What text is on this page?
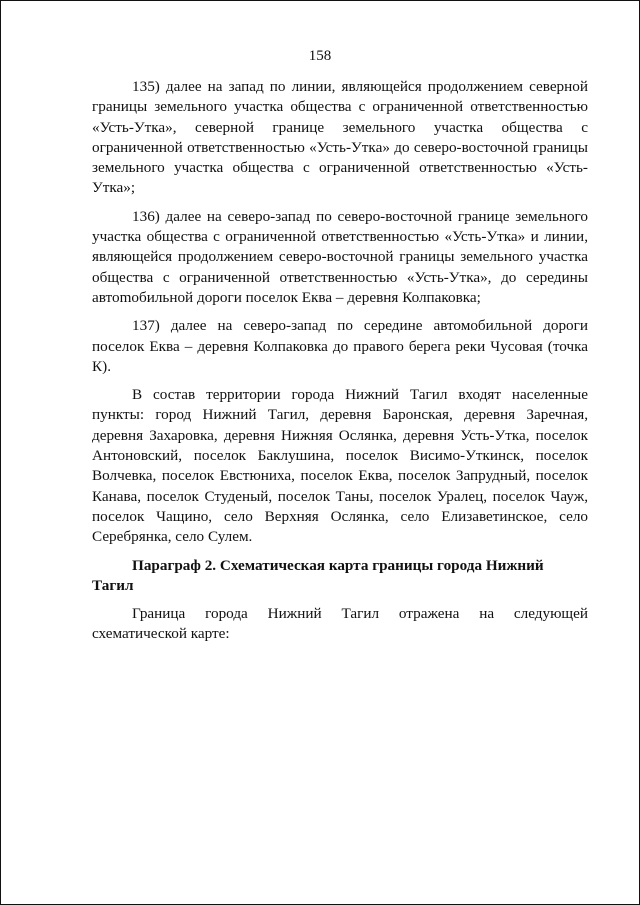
158

135) далее на запад по линии, являющейся продолжением северной границы земельного участка общества с ограниченной ответственностью «Усть-Утка», северной границе земельного участка общества с ограниченной ответственностью «Усть-Утка» до северо-восточной границы земельного участка общества с ограниченной ответственностью «Усть-Утка»;

136) далее на северо-запад по северо-восточной границе земельного участка общества с ограниченной ответственностью «Усть-Утка» и линии, являющейся продолжением северо-восточной границы земельного участка общества с ограниченной ответственностью «Усть-Утка», до середины автоmобильной дороги поселок Еква – деревня Колпаковка;

137) далее на северо-запад по середине автомобильной дороги поселок Еква – деревня Колпаковка до правого берега реки Чусовая (точка К).

В состав территории города Нижний Тагил входят населенные пункты: город Нижний Тагил, деревня Баронская, деревня Заречная, деревня Захаровка, деревня Нижняя Ослянка, деревня Усть-Утка, поселок Антоновский, поселок Баклушина, поселок Висимо-Уткинск, поселок Волчевка, поселок Евстюниха, поселок Еква, поселок Запрудный, поселок Канава, поселок Студеный, поселок Таны, поселок Уралец, поселок Чауж, поселок Чащино, село Верхняя Ослянка, село Елизаветинское, село Серебрянка, село Сулем.

Параграф 2. Схематическая карта границы города Нижний Тагил

Граница города Нижний Тагил отражена на следующей схематической карте:
